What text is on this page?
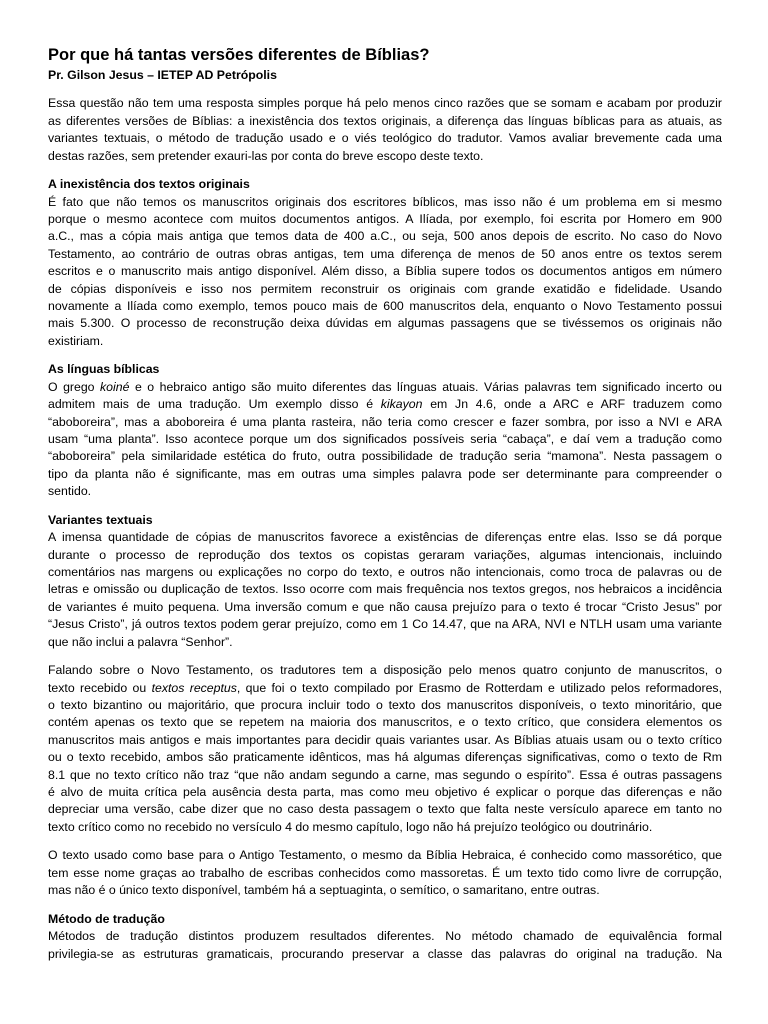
Por que há tantas versões diferentes de Bíblias?
Pr. Gilson Jesus – IETEP AD Petrópolis
Essa questão não tem uma resposta simples porque há pelo menos cinco razões que se somam e acabam por produzir
as diferentes versões de Bíblias: a inexistência dos textos originais, a diferença das línguas bíblicas para as atuais, as
variantes textuais, o método de tradução usado e o viés teológico do tradutor. Vamos avaliar brevemente cada uma
destas razões, sem pretender exauri-las por conta do breve escopo deste texto.
A inexistência dos textos originais
É fato que não temos os manuscritos originais dos escritores bíblicos, mas isso não é um problema em si mesmo
porque o mesmo acontece com muitos documentos antigos. A Ilíada, por exemplo, foi escrita por Homero em 900
a.C., mas a cópia mais antiga que temos data de 400 a.C., ou seja, 500 anos depois de escrito. No caso do Novo
Testamento, ao contrário de outras obras antigas, tem uma diferença de menos de 50 anos entre os textos serem
escritos e o manuscrito mais antigo disponível. Além disso, a Bíblia supere todos os documentos antigos em número
de cópias disponíveis e isso nos permitem reconstruir os originais com grande exatidão e fidelidade. Usando
novamente a Ilíada como exemplo, temos pouco mais de 600 manuscritos dela, enquanto o Novo Testamento possui
mais 5.300. O processo de reconstrução deixa dúvidas em algumas passagens que se tivéssemos os originais não
existiriam.
As línguas bíblicas
O grego koiné e o hebraico antigo são muito diferentes das línguas atuais. Várias palavras tem significado incerto ou
admitem mais de uma tradução. Um exemplo disso é kikayon em Jn 4.6, onde a ARC e ARF traduzem como
“aboboreira”, mas a aboboreira é uma planta rasteira, não teria como crescer e fazer sombra, por isso a NVI e ARA
usam “uma planta”. Isso acontece porque um dos significados possíveis seria “cabaça”, e daí vem a tradução como
“aboboreira” pela similaridade estética do fruto, outra possibilidade de tradução seria “mamona”. Nesta passagem o
tipo da planta não é significante, mas em outras uma simples palavra pode ser determinante para compreender o
sentido.
Variantes textuais
A imensa quantidade de cópias de manuscritos favorece a existências de diferenças entre elas. Isso se dá porque
durante o processo de reprodução dos textos os copistas geraram variações, algumas intencionais, incluindo
comentários nas margens ou explicações no corpo do texto, e outros não intencionais, como troca de palavras ou de
letras e omissão ou duplicação de textos. Isso ocorre com mais frequência nos textos gregos, nos hebraicos a incidência
de variantes é muito pequena. Uma inversão comum e que não causa prejuízo para o texto é trocar “Cristo Jesus” por
“Jesus Cristo”, já outros textos podem gerar prejuízo, como em 1 Co 14.47, que na ARA, NVI e NTLH usam uma variante
que não inclui a palavra “Senhor”.
Falando sobre o Novo Testamento, os tradutores tem a disposição pelo menos quatro conjunto de manuscritos, o
texto recebido ou textos receptus, que foi o texto compilado por Erasmo de Rotterdam e utilizado pelos reformadores,
o texto bizantino ou majoritário, que procura incluir todo o texto dos manuscritos disponíveis, o texto minoritário, que
contém apenas os texto que se repetem na maioria dos manuscritos, e o texto crítico, que considera elementos os
manuscritos mais antigos e mais importantes para decidir quais variantes usar. As Bíblias atuais usam ou o texto crítico
ou o texto recebido, ambos são praticamente idênticos, mas há algumas diferenças significativas, como o texto de Rm
8.1 que no texto crítico não traz “que não andam segundo a carne, mas segundo o espírito”. Essa é outras passagens
é alvo de muita crítica pela ausência desta parta, mas como meu objetivo é explicar o porque das diferenças e não
depreciar uma versão, cabe dizer que no caso desta passagem o texto que falta neste versículo aparece em tanto no
texto crítico como no recebido no versículo 4 do mesmo capítulo, logo não há prejuízo teológico ou doutrinário.
O texto usado como base para o Antigo Testamento, o mesmo da Bíblia Hebraica, é conhecido como massorético, que
tem esse nome graças ao trabalho de escribas conhecidos como massoretas. É um texto tido como livre de corrupção,
mas não é o único texto disponível, também há a septuaginta, o semítico, o samaritano, entre outras.
Método de tradução
Métodos de tradução distintos produzem resultados diferentes. No método chamado de equivalência formal
privilegia-se as estruturas gramaticais, procurando preservar a classe das palavras do original na tradução. Na
